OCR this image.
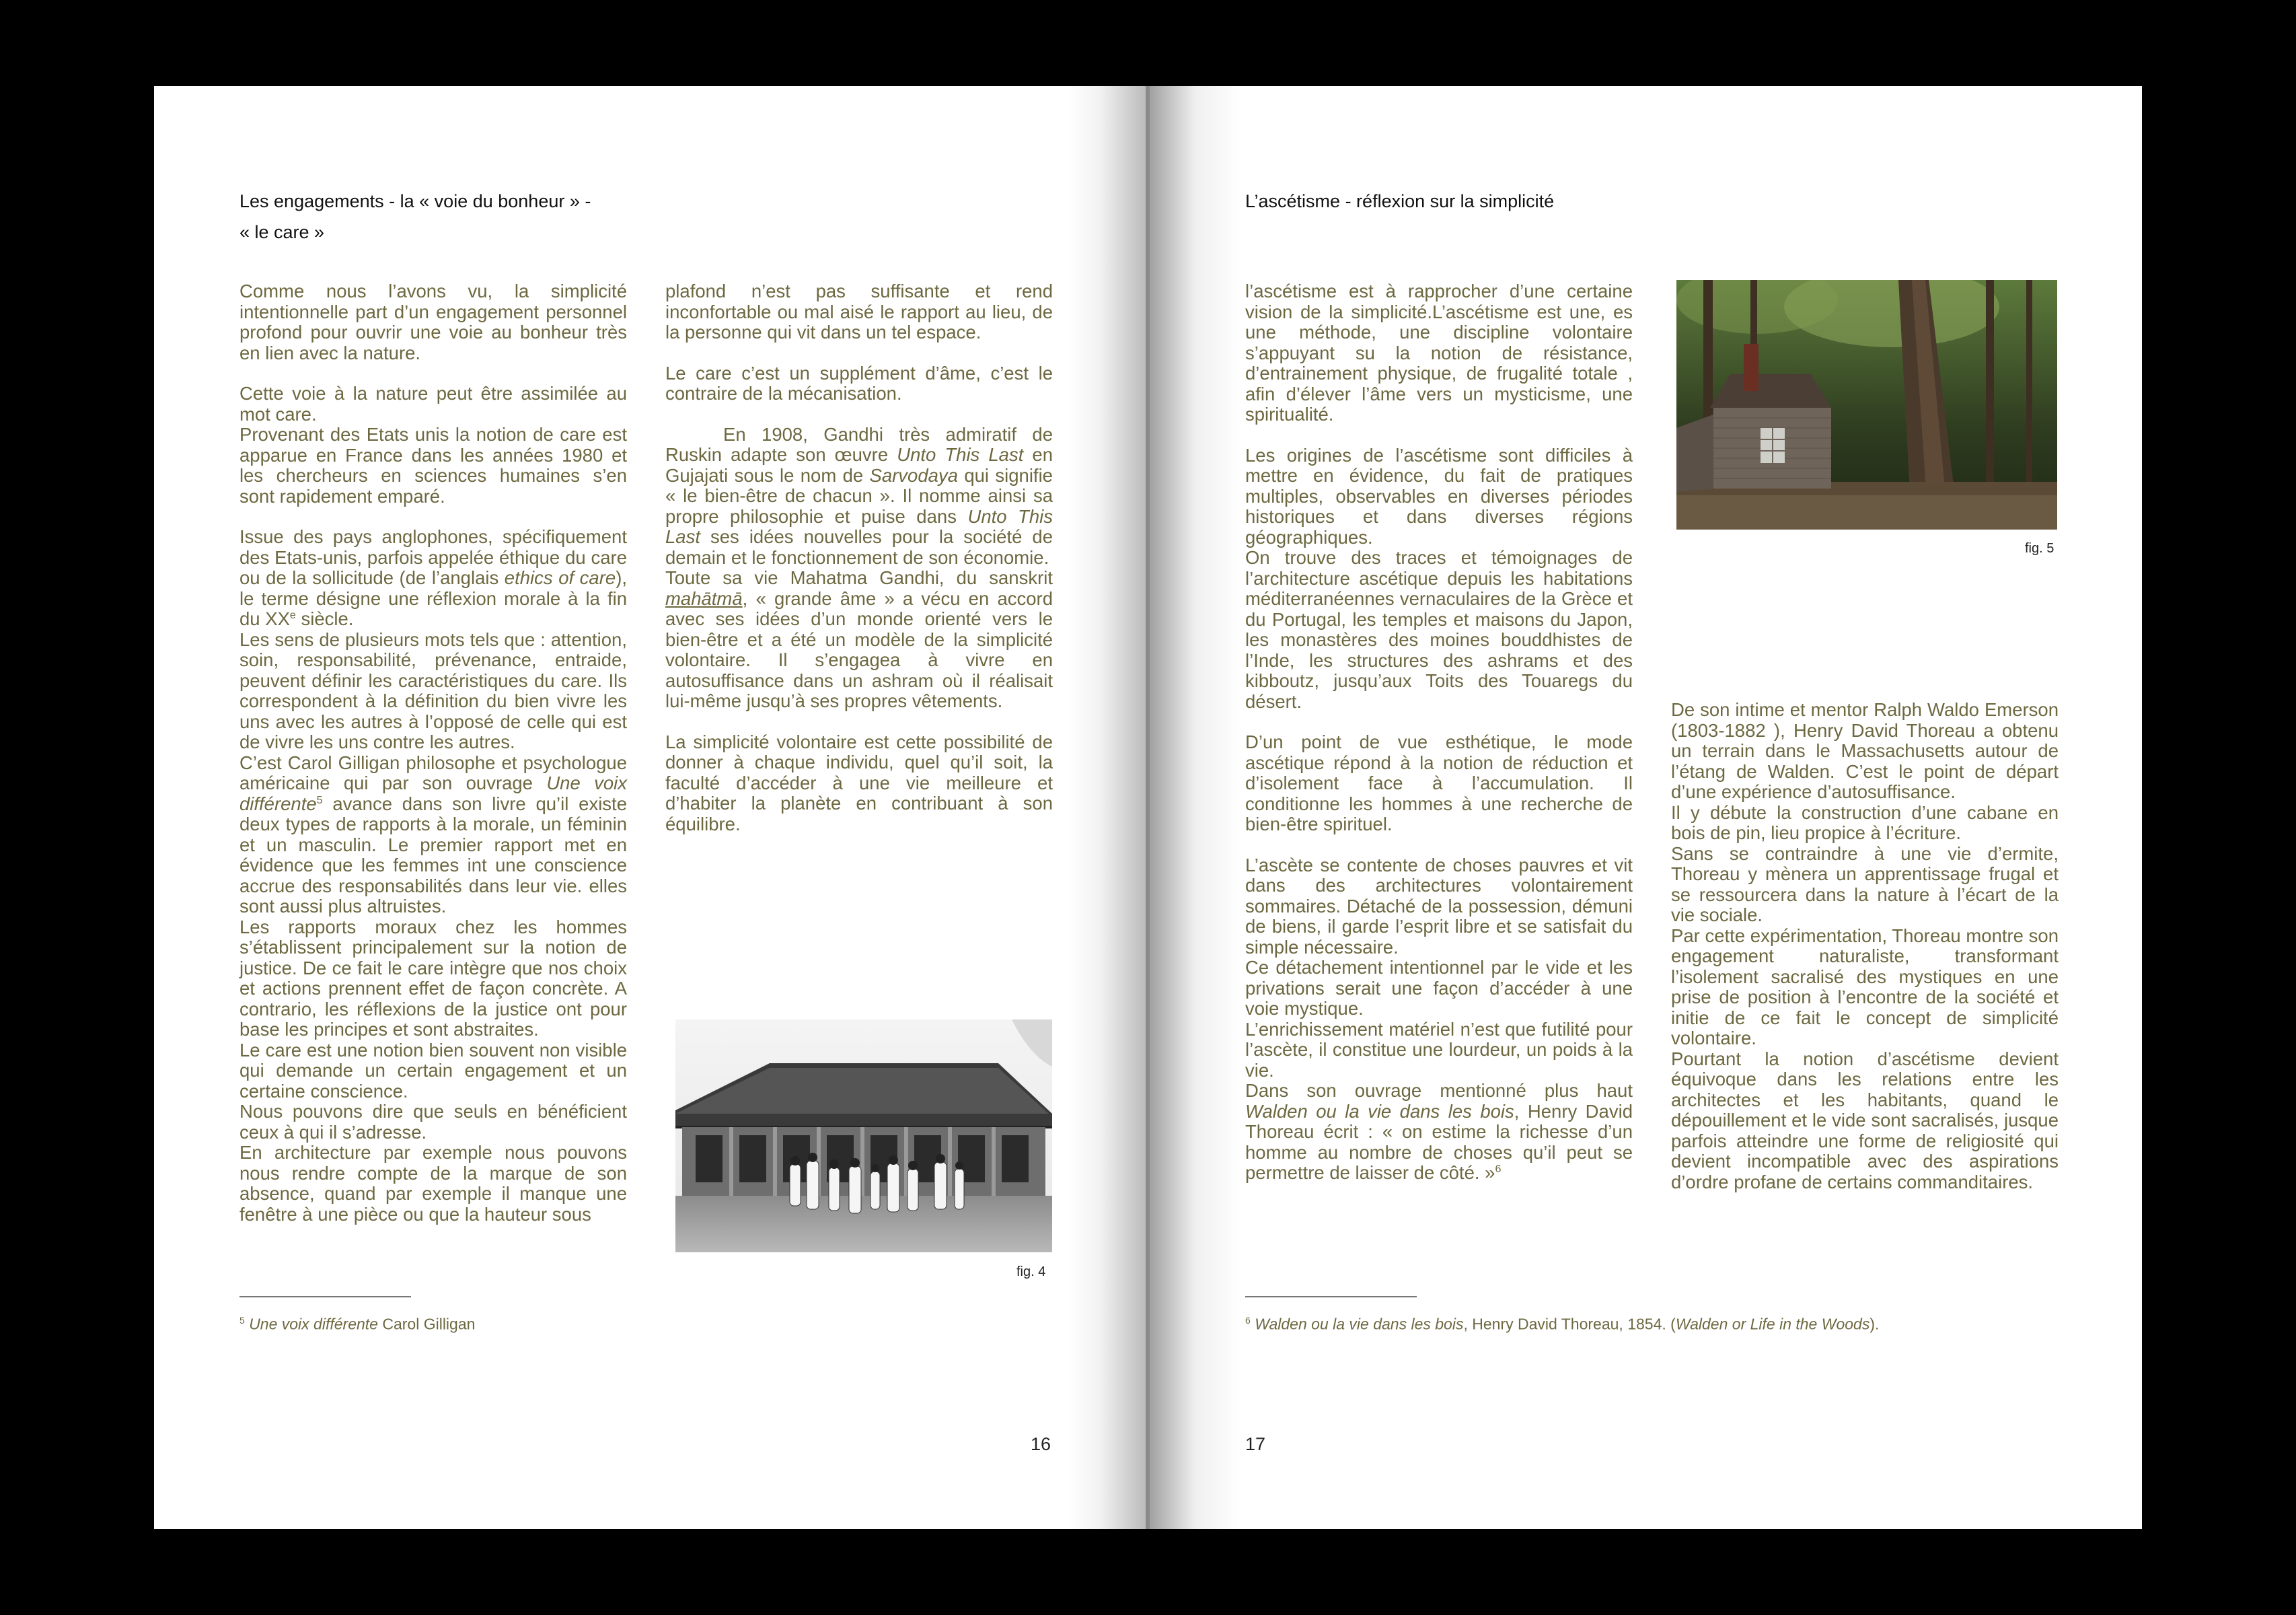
Les engagements - la « voie du bonheur » -
« le care »

Comme nous l’avons vu, la simplicité intentionnelle part d’un engagement personnel profond pour ouvrir une voie au bonheur très en lien avec la nature.

Cette voie à la nature peut être assimilée au mot care.

Provenant des Etats unis la notion de care est apparue en France dans les années 1980 et les chercheurs en sciences humaines s’en sont rapidement emparé.

Issue des pays anglophones, spécifiquement des Etats-unis, parfois appelée éthique du care ou de la sollicitude (de l’anglais ethics of care), le terme désigne une réflexion morale à la fin du XXe siècle.

Les sens de plusieurs mots tels que : attention, soin, responsabilité, prévenance, entraide, peuvent définir les caractéristiques du care. Ils correspondent à la définition du bien vivre les uns avec les autres à l’opposé de celle qui est de vivre les uns contre les autres.

C’est Carol Gilligan philosophe et psychologue américaine qui par son ouvrage Une voix différente$^5$ avance dans son livre qu’il existe deux types de rapports à la morale, un féminin et un masculin. Le premier rapport met en évidence que les femmes int une conscience accrue des responsabilités dans leur vie. elles sont aussi plus altruistes.

Les rapports moraux chez les hommes s’établissent principalement sur la notion de justice. De ce fait le care intègre que nos choix et actions prennent effet de façon concrète. A contrario, les réflexions de la justice ont pour base les principes et sont abstraites.

Le care est une notion bien souvent non visible qui demande un certain engagement et un certaine conscience.

Nous pouvons dire que seuls en bénéficient ceux à qui il s’adresse.

En architecture par exemple nous pouvons nous rendre compte de la marque de son absence, quand par exemple il manque une fenêtre à une pièce ou que la hauteur sous

plafond n’est pas suffisante et rend inconfortable ou mal aisé le rapport au lieu, de la personne qui vit dans un tel espace.

Le care c’est un supplément d’âme, c’est le contraire de la mécanisation.

En 1908, Gandhi très admiratif de Ruskin adapte son œuvre Unto This Last en Gujajati sous le nom de Sarvodaya qui signifie « le bien-être de chacun ». Il nomme ainsi sa propre philosophie et puise dans Unto This Last ses idées nouvelles pour la société de demain et le fonctionnement de son économie.

Toute sa vie Mahatma Gandhi, du sanskrit mahātmā, « grande âme » a vécu en accord avec ses idées d’un monde orienté vers le bien-être et a été un modèle de la simplicité volontaire. Il s’engagea à vivre en autosuffisance dans un ashram où il réalisait lui-même jusqu’à ses propres vêtements.

La simplicité volontaire est cette possibilité de donner à chaque individu, quel qu’il soit, la faculté d’accéder à une vie meilleure et d’habiter la planète en contribuant à son équilibre.

fig. 4
$^5$ Une voix différente Carol Gilligan
16
L’ascétisme - réflexion sur la simplicité

l’ascétisme est à rapprocher d’une certaine vision de la simplicité.L’ascétisme est une, es une méthode, une discipline volontaire s’appuyant su la notion de résistance, d’entrainement physique, de frugalité totale , afin d’élever l’âme vers un mysticisme, une spiritualité.

Les origines de l’ascétisme sont difficiles à mettre en évidence, du fait de pratiques multiples, observables en diverses périodes historiques et dans diverses régions géographiques.

On trouve des traces et témoignages de l’architecture ascétique depuis les habitations méditerranéennes vernaculaires de la Grèce et du Portugal, les temples et maisons du Japon, les monastères des moines bouddhistes de l’Inde, les structures des ashrams et des kibboutz, jusqu’aux Toits des Touaregs du désert.

D’un point de vue esthétique, le mode ascétique répond à la notion de réduction et d’isolement face à l’accumulation. Il conditionne les hommes à une recherche de bien-être spirituel.

L’ascète se contente de choses pauvres et vit dans des architectures volontairement sommaires. Détaché de la possession, démuni de biens, il garde l’esprit libre et se satisfait du simple nécessaire.

Ce détachement intentionnel par le vide et les privations serait une façon d’accéder à une voie mystique.

L’enrichissement matériel n’est que futilité pour l’ascète, il constitue une lourdeur, un poids à la vie.

Dans son ouvrage mentionné plus haut Walden ou la vie dans les bois, Henry David Thoreau écrit : « on estime la richesse d’un homme au nombre de choses qu’il peut se permettre de laisser de côté. »$^6$

fig. 5

De son intime et mentor Ralph Waldo Emerson (1803-1882 ), Henry David Thoreau a obtenu un terrain dans le Massachusetts autour de l’étang de Walden. C’est le point de départ d’une expérience d’autosuffisance.

Il y débute la construction d’une cabane en bois de pin, lieu propice à l’écriture.

Sans se contraindre à une vie d’ermite, Thoreau y mènera un apprentissage frugal et se ressourcera dans la nature à l’écart de la vie sociale.

Par cette expérimentation, Thoreau montre son engagement naturaliste, transformant l’isolement sacralisé des mystiques en une prise de position à l’encontre de la société et initie de ce fait le concept de simplicité volontaire.

Pourtant la notion d’ascétisme devient équivoque dans les relations entre les architectes et les habitants, quand le dépouillement et le vide sont sacralisés, jusque parfois atteindre une forme de religiosité qui devient incompatible avec des aspirations d’ordre profane de certains commanditaires.

$^6$ Walden ou la vie dans les bois, Henry David Thoreau, 1854. (Walden or Life in the Woods).
17
